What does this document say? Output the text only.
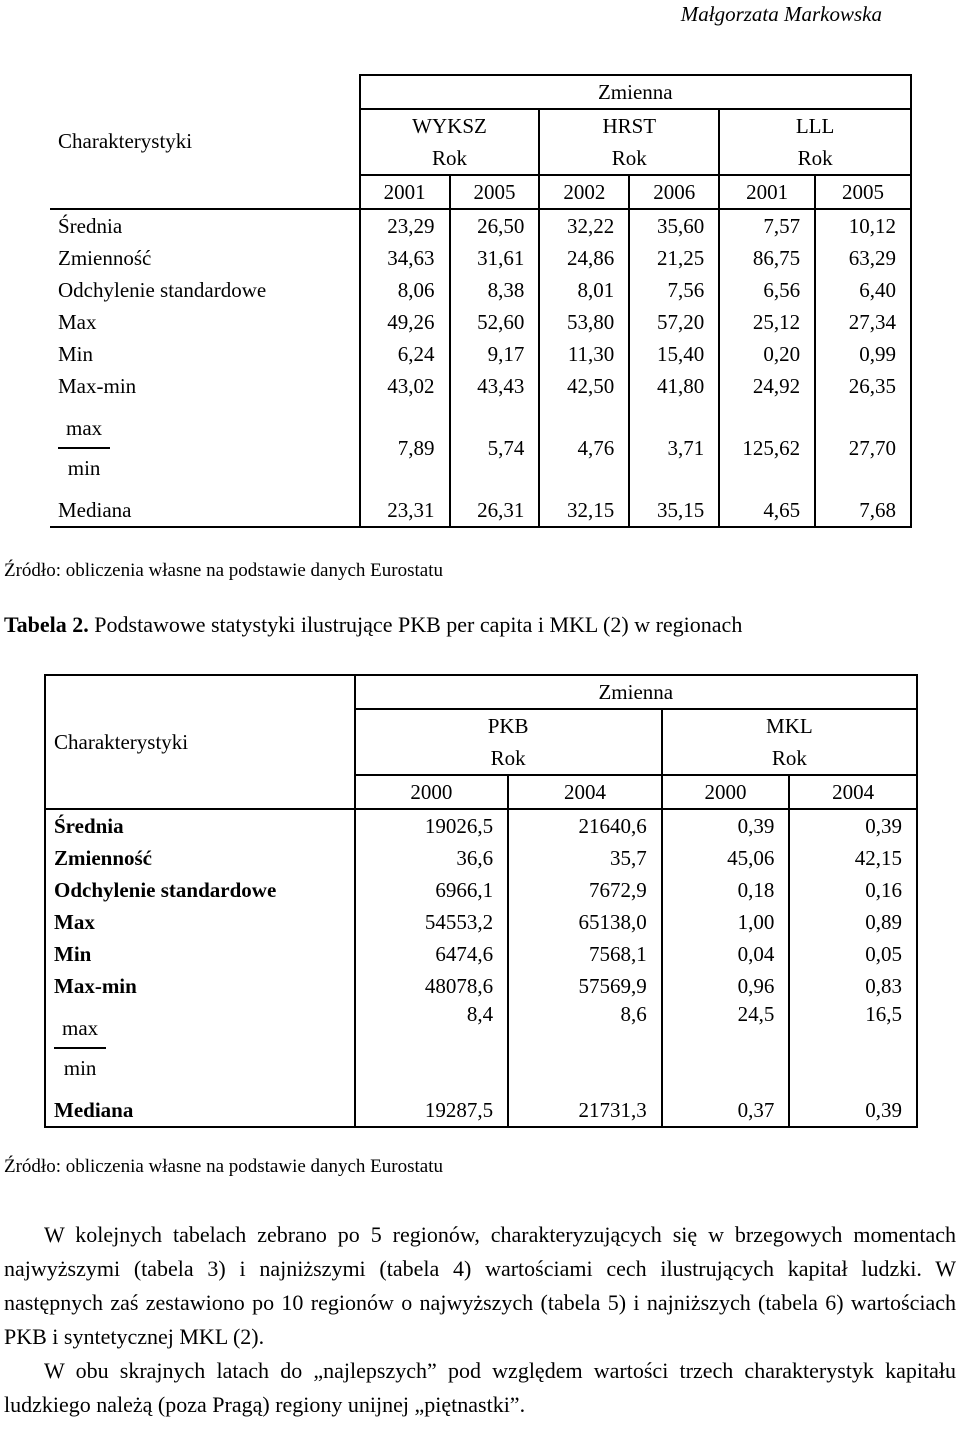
Małgorzata Markowska
Charakterystyki	Zmienna					
	WYKSZ		HRST		LLL	
	Rok		Rok		Rok	
	2001	2005	2002	2006	2001	2005
Średnia	23,29	26,50	32,22	35,60	7,57	10,12
Zmienność	34,63	31,61	24,86	21,25	86,75	63,29
Odchylenie standardowe	8,06	8,38	8,01	7,56	6,56	6,40
Max	49,26	52,60	53,80	57,20	25,12	27,34
Min	6,24	9,17	11,30	15,40	0,20	0,99
Max-min	43,02	43,43	42,50	41,80	24,92	26,35

$\frac{\max}{\min}$	7,89	5,74	4,76	3,71	125,62	27,70
Mediana	23,31	26,31	32,15	35,15	4,65	7,68
Źródło: obliczenia własne na podstawie danych Eurostatu
Tabela 2. Podstawowe statystyki ilustrujące PKB per capita i MKL (2) w regionach
Charakterystyki	Zmienna			
	PKB		MKL	
	Rok		Rok	
	2000	2004	2000	2004
Średnia	19026,5	21640,6	0,39	0,39
Zmienność	36,6	35,7	45,06	42,15
Odchylenie standardowe	6966,1	7672,9	0,18	0,16
Max	54553,2	65138,0	1,00	0,89
Min	6474,6	7568,1	0,04	0,05
Max-min	48078,6	57569,9	0,96	0,83

$\frac{\max}{\min}$	8,4	8,6	24,5	16,5
Mediana	19287,5	21731,3	0,37	0,39
Źródło: obliczenia własne na podstawie danych Eurostatu

W kolejnych tabelach zebrano po 5 regionów, charakteryzujących się w brzegowych momentach najwyższymi (tabela 3) i najniższymi (tabela 4) wartościami cech ilustrujących kapitał ludzki. W następnych zaś zestawiono po 10 regionów o najwyższych (tabela 5) i najniższych (tabela 6) wartościach PKB i syntetycznej MKL (2).

W obu skrajnych latach do „najlepszych” pod względem wartości trzech charakterystyk kapitału ludzkiego należą (poza Pragą) regiony unijnej „piętnastki”.
